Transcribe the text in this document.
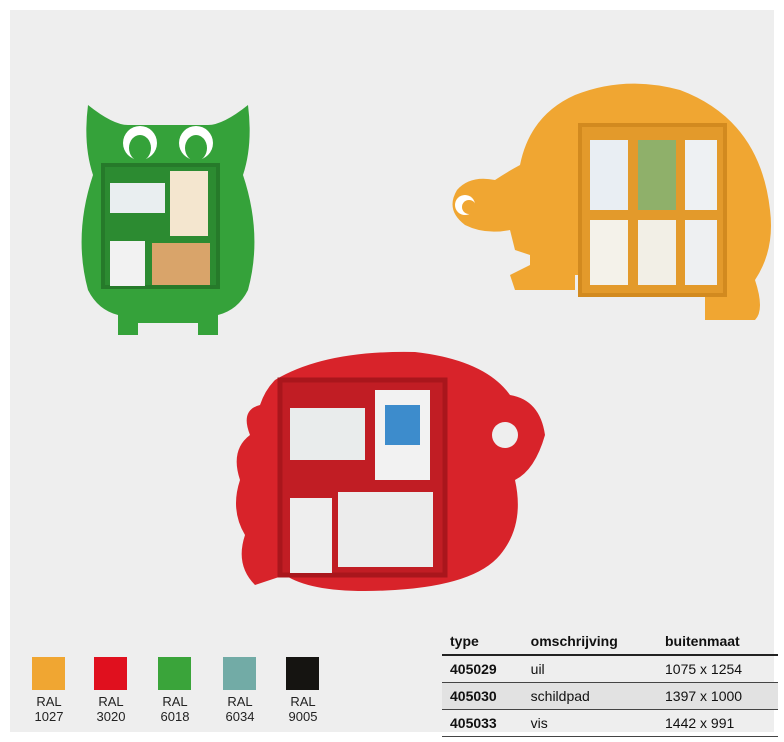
RAL
1027
RAL
3020
RAL
6018
RAL
6034
RAL
9005
type	omschrijving	buitenmaat
405029	uil	1075 x 1254
405030	schildpad	1397 x 1000
405033	vis	1442 x 991
